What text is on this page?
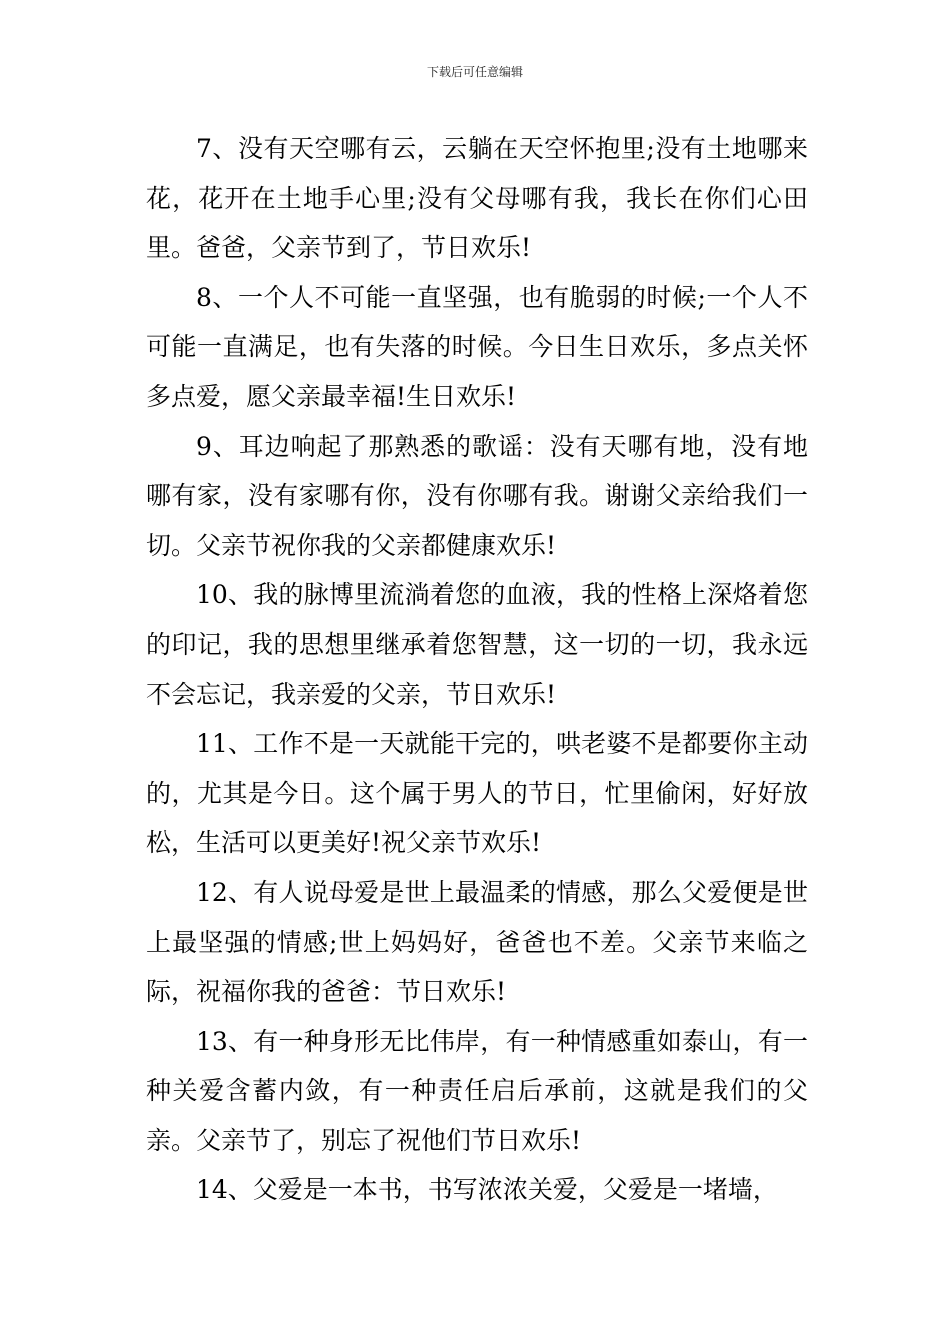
下载后可任意编辑

7、没有天空哪有云，云躺在天空怀抱里;没有土地哪来花，花开在土地手心里;没有父母哪有我，我长在你们心田里。爸爸，父亲节到了，节日欢乐!

8、一个人不可能一直坚强，也有脆弱的时候;一个人不可能一直满足，也有失落的时候。今日生日欢乐，多点关怀多点爱，愿父亲最幸福!生日欢乐!

9、耳边响起了那熟悉的歌谣：没有天哪有地，没有地哪有家，没有家哪有你，没有你哪有我。谢谢父亲给我们一切。父亲节祝你我的父亲都健康欢乐!

10、我的脉博里流淌着您的血液，我的性格上深烙着您的印记，我的思想里继承着您智慧，这一切的一切，我永远不会忘记，我亲爱的父亲，节日欢乐!

11、工作不是一天就能干完的，哄老婆不是都要你主动的，尤其是今日。这个属于男人的节日，忙里偷闲，好好放松，生活可以更美好!祝父亲节欢乐!

12、有人说母爱是世上最温柔的情感，那么父爱便是世上最坚强的情感;世上妈妈好，爸爸也不差。父亲节来临之际，祝福你我的爸爸：节日欢乐!

13、有一种身形无比伟岸，有一种情感重如泰山，有一种关爱含蓄内敛，有一种责任启后承前，这就是我们的父亲。父亲节了，别忘了祝他们节日欢乐!

14、父爱是一本书，书写浓浓关爱，父爱是一堵墙，
